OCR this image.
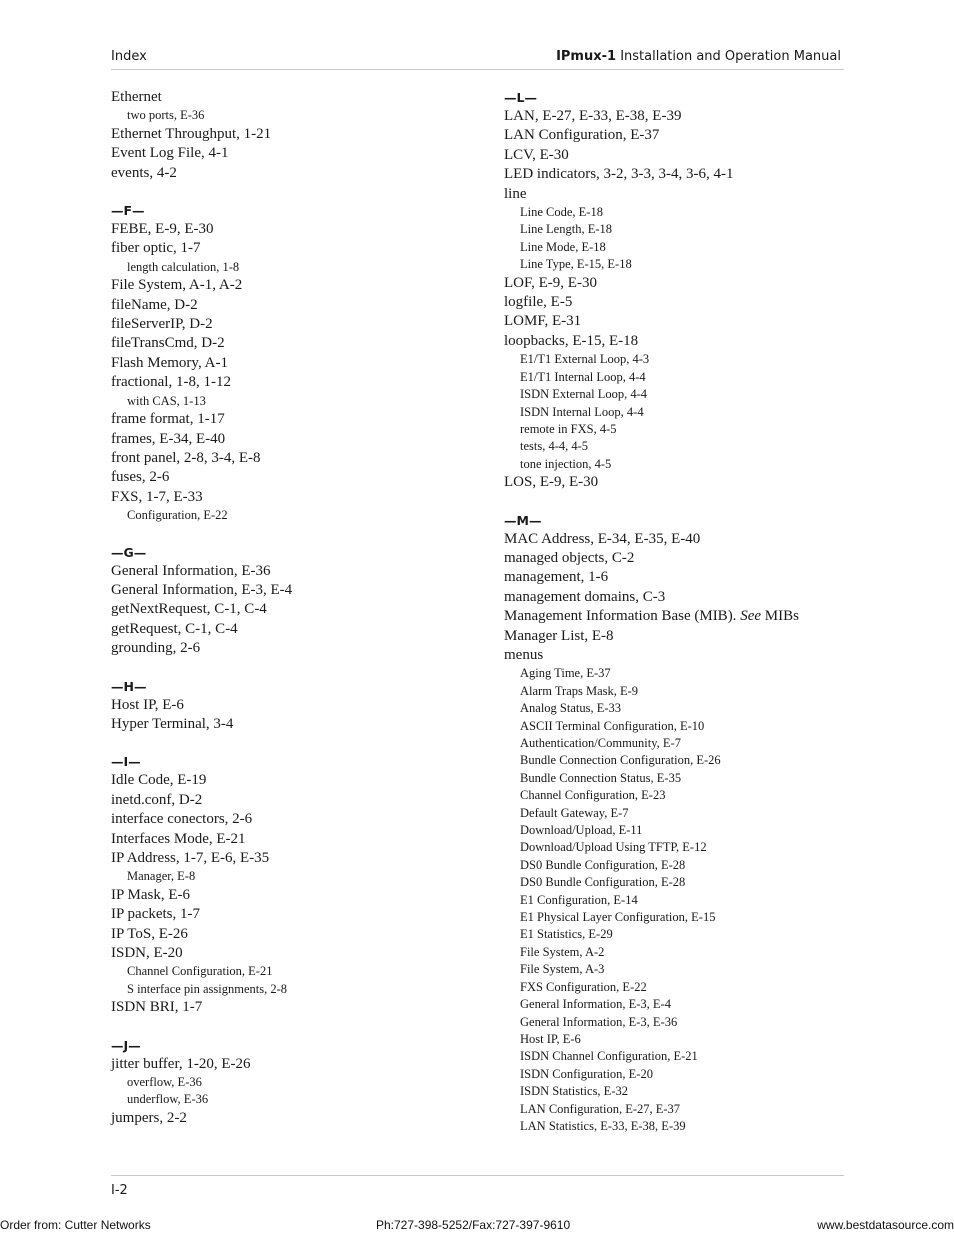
Index	IPmux-1 Installation and Operation Manual
Ethernet
two ports, E-36
Ethernet Throughput, 1-21
Event Log File, 4-1
events, 4-2
—F—
FEBE, E-9, E-30
fiber optic, 1-7
length calculation, 1-8
File System, A-1, A-2
fileName, D-2
fileServerIP, D-2
fileTransCmd, D-2
Flash Memory, A-1
fractional, 1-8, 1-12
with CAS, 1-13
frame format, 1-17
frames, E-34, E-40
front panel, 2-8, 3-4, E-8
fuses, 2-6
FXS, 1-7, E-33
Configuration, E-22
—G—
General Information, E-36
General Information, E-3, E-4
getNextRequest, C-1, C-4
getRequest, C-1, C-4
grounding, 2-6
—H—
Host IP, E-6
Hyper Terminal, 3-4
—I—
Idle Code, E-19
inetd.conf, D-2
interface conectors, 2-6
Interfaces Mode, E-21
IP Address, 1-7, E-6, E-35
Manager, E-8
IP Mask, E-6
IP packets, 1-7
IP ToS, E-26
ISDN, E-20
Channel Configuration, E-21
S interface pin assignments, 2-8
ISDN BRI, 1-7
—J—
jitter buffer, 1-20, E-26
overflow, E-36
underflow, E-36
jumpers, 2-2
—L—
LAN, E-27, E-33, E-38, E-39
LAN Configuration, E-37
LCV, E-30
LED indicators, 3-2, 3-3, 3-4, 3-6, 4-1
line
Line Code, E-18
Line Length, E-18
Line Mode, E-18
Line Type, E-15, E-18
LOF, E-9, E-30
logfile, E-5
LOMF, E-31
loopbacks, E-15, E-18
E1/T1 External Loop, 4-3
E1/T1 Internal Loop, 4-4
ISDN External Loop, 4-4
ISDN Internal Loop, 4-4
remote in FXS, 4-5
tests, 4-4, 4-5
tone injection, 4-5
LOS, E-9, E-30
—M—
MAC Address, E-34, E-35, E-40
managed objects, C-2
management, 1-6
management domains, C-3
Management Information Base (MIB). See MIBs
Manager List, E-8
menus
Aging Time, E-37
Alarm Traps Mask, E-9
Analog Status, E-33
ASCII Terminal Configuration, E-10
Authentication/Community, E-7
Bundle Connection Configuration, E-26
Bundle Connection Status, E-35
Channel Configuration, E-23
Default Gateway, E-7
Download/Upload, E-11
Download/Upload Using TFTP, E-12
DS0 Bundle Configuration, E-28
DS0 Bundle Configuration, E-28
E1 Configuration, E-14
E1 Physical Layer Configuration, E-15
E1 Statistics, E-29
File System, A-2
File System, A-3
FXS Configuration, E-22
General Information, E-3, E-4
General Information, E-3, E-36
Host IP, E-6
ISDN Channel Configuration, E-21
ISDN Configuration, E-20
ISDN Statistics, E-32
LAN Configuration, E-27, E-37
LAN Statistics, E-33, E-38, E-39
I-2
Order from: Cutter Networks	Ph:727-398-5252/Fax:727-397-9610	www.bestdatasource.com
